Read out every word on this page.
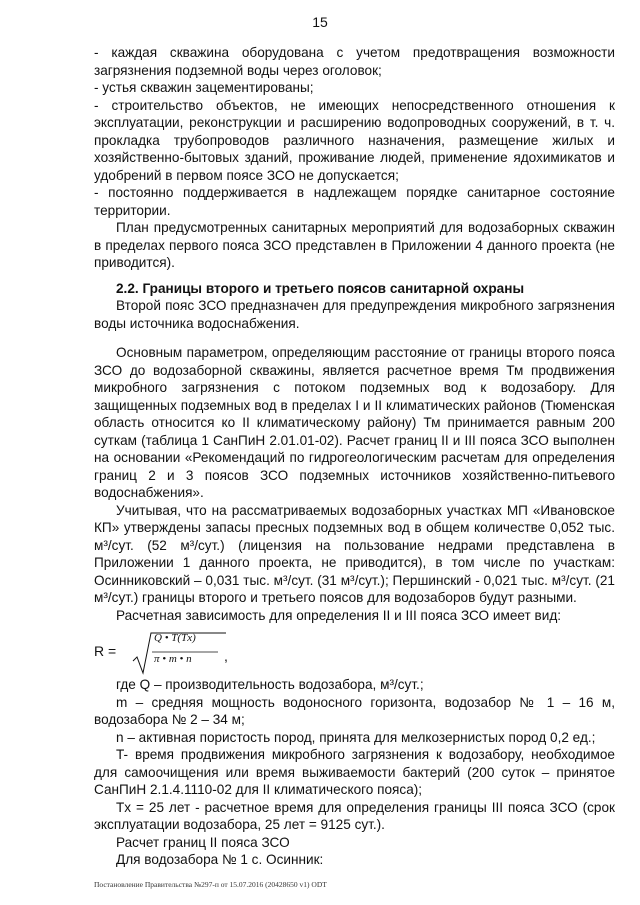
15

- каждая скважина оборудована с учетом предотвращения возможности загрязнения подземной воды через оголовок;

- устья скважин зацементированы;

- строительство объектов, не имеющих непосредственного отношения к эксплуатации, реконструкции и расширению водопроводных сооружений, в т. ч. прокладка трубопроводов различного назначения, размещение жилых и хозяйственно-бытовых зданий, проживание людей, применение ядохимикатов и удобрений в первом поясе ЗСО не допускается;

- постоянно поддерживается в надлежащем порядке санитарное состояние территории.

План предусмотренных санитарных мероприятий для водозаборных скважин в пределах первого пояса ЗСО представлен в Приложении 4 данного проекта (не приводится).

2.2. Границы второго и третьего поясов санитарной охраны

Второй пояс ЗСО предназначен для предупреждения микробного загрязнения воды источника водоснабжения.

Основным параметром, определяющим расстояние от границы второго пояса ЗСО до водозаборной скважины, является расчетное время Тм продвижения микробного загрязнения с потоком подземных вод к водозабору. Для защищенных подземных вод в пределах I и II климатических районов (Тюменская область относится ко II климатическому району) Тм принимается равным 200 суткам (таблица 1 СанПиН 2.01.01-02). Расчет границ II и III пояса ЗСО выполнен на основании «Рекомендаций по гидрогеологическим расчетам для определения границ 2 и 3 поясов ЗСО подземных источников хозяйственно-питьевого водоснабжения».

Учитывая, что на рассматриваемых водозаборных участках МП «Ивановское КП» утверждены запасы пресных подземных вод в общем количестве 0,052 тыс. м³/сут. (52 м³/сут.) (лицензия на пользование недрами представлена в Приложении 1 данного проекта, не приводится), в том числе по участкам: Осинниковский – 0,031 тыс. м³/сут. (31 м³/сут.); Першинский - 0,021 тыс. м³/сут. (21 м³/сут.) границы второго и третьего поясов для водозаборов будут разными.

Расчетная зависимость для определения II и III пояса ЗСО имеет вид:

R =
Q • T(Tx)
π • m • n ,

где Q – производительность водозабора, м³/сут.;

m – средняя мощность водоносного горизонта, водозабор № 1 – 16 м, водозабора № 2 – 34 м;

n – активная пористость пород, принята для мелкозернистых пород 0,2 ед.;

T- время продвижения микробного загрязнения к водозабору, необходимое для самоочищения или время выживаемости бактерий (200 суток – принятое СанПиН 2.1.4.1110-02 для II климатического пояса);

Tх = 25 лет - расчетное время для определения границы III пояса ЗСО (срок эксплуатации водозабора, 25 лет = 9125 сут.).

Расчет границ II пояса ЗСО

Для водозабора № 1 с. Осинник:

Постановление Правительства №297-п от 15.07.2016 (20428650 v1) ODT
